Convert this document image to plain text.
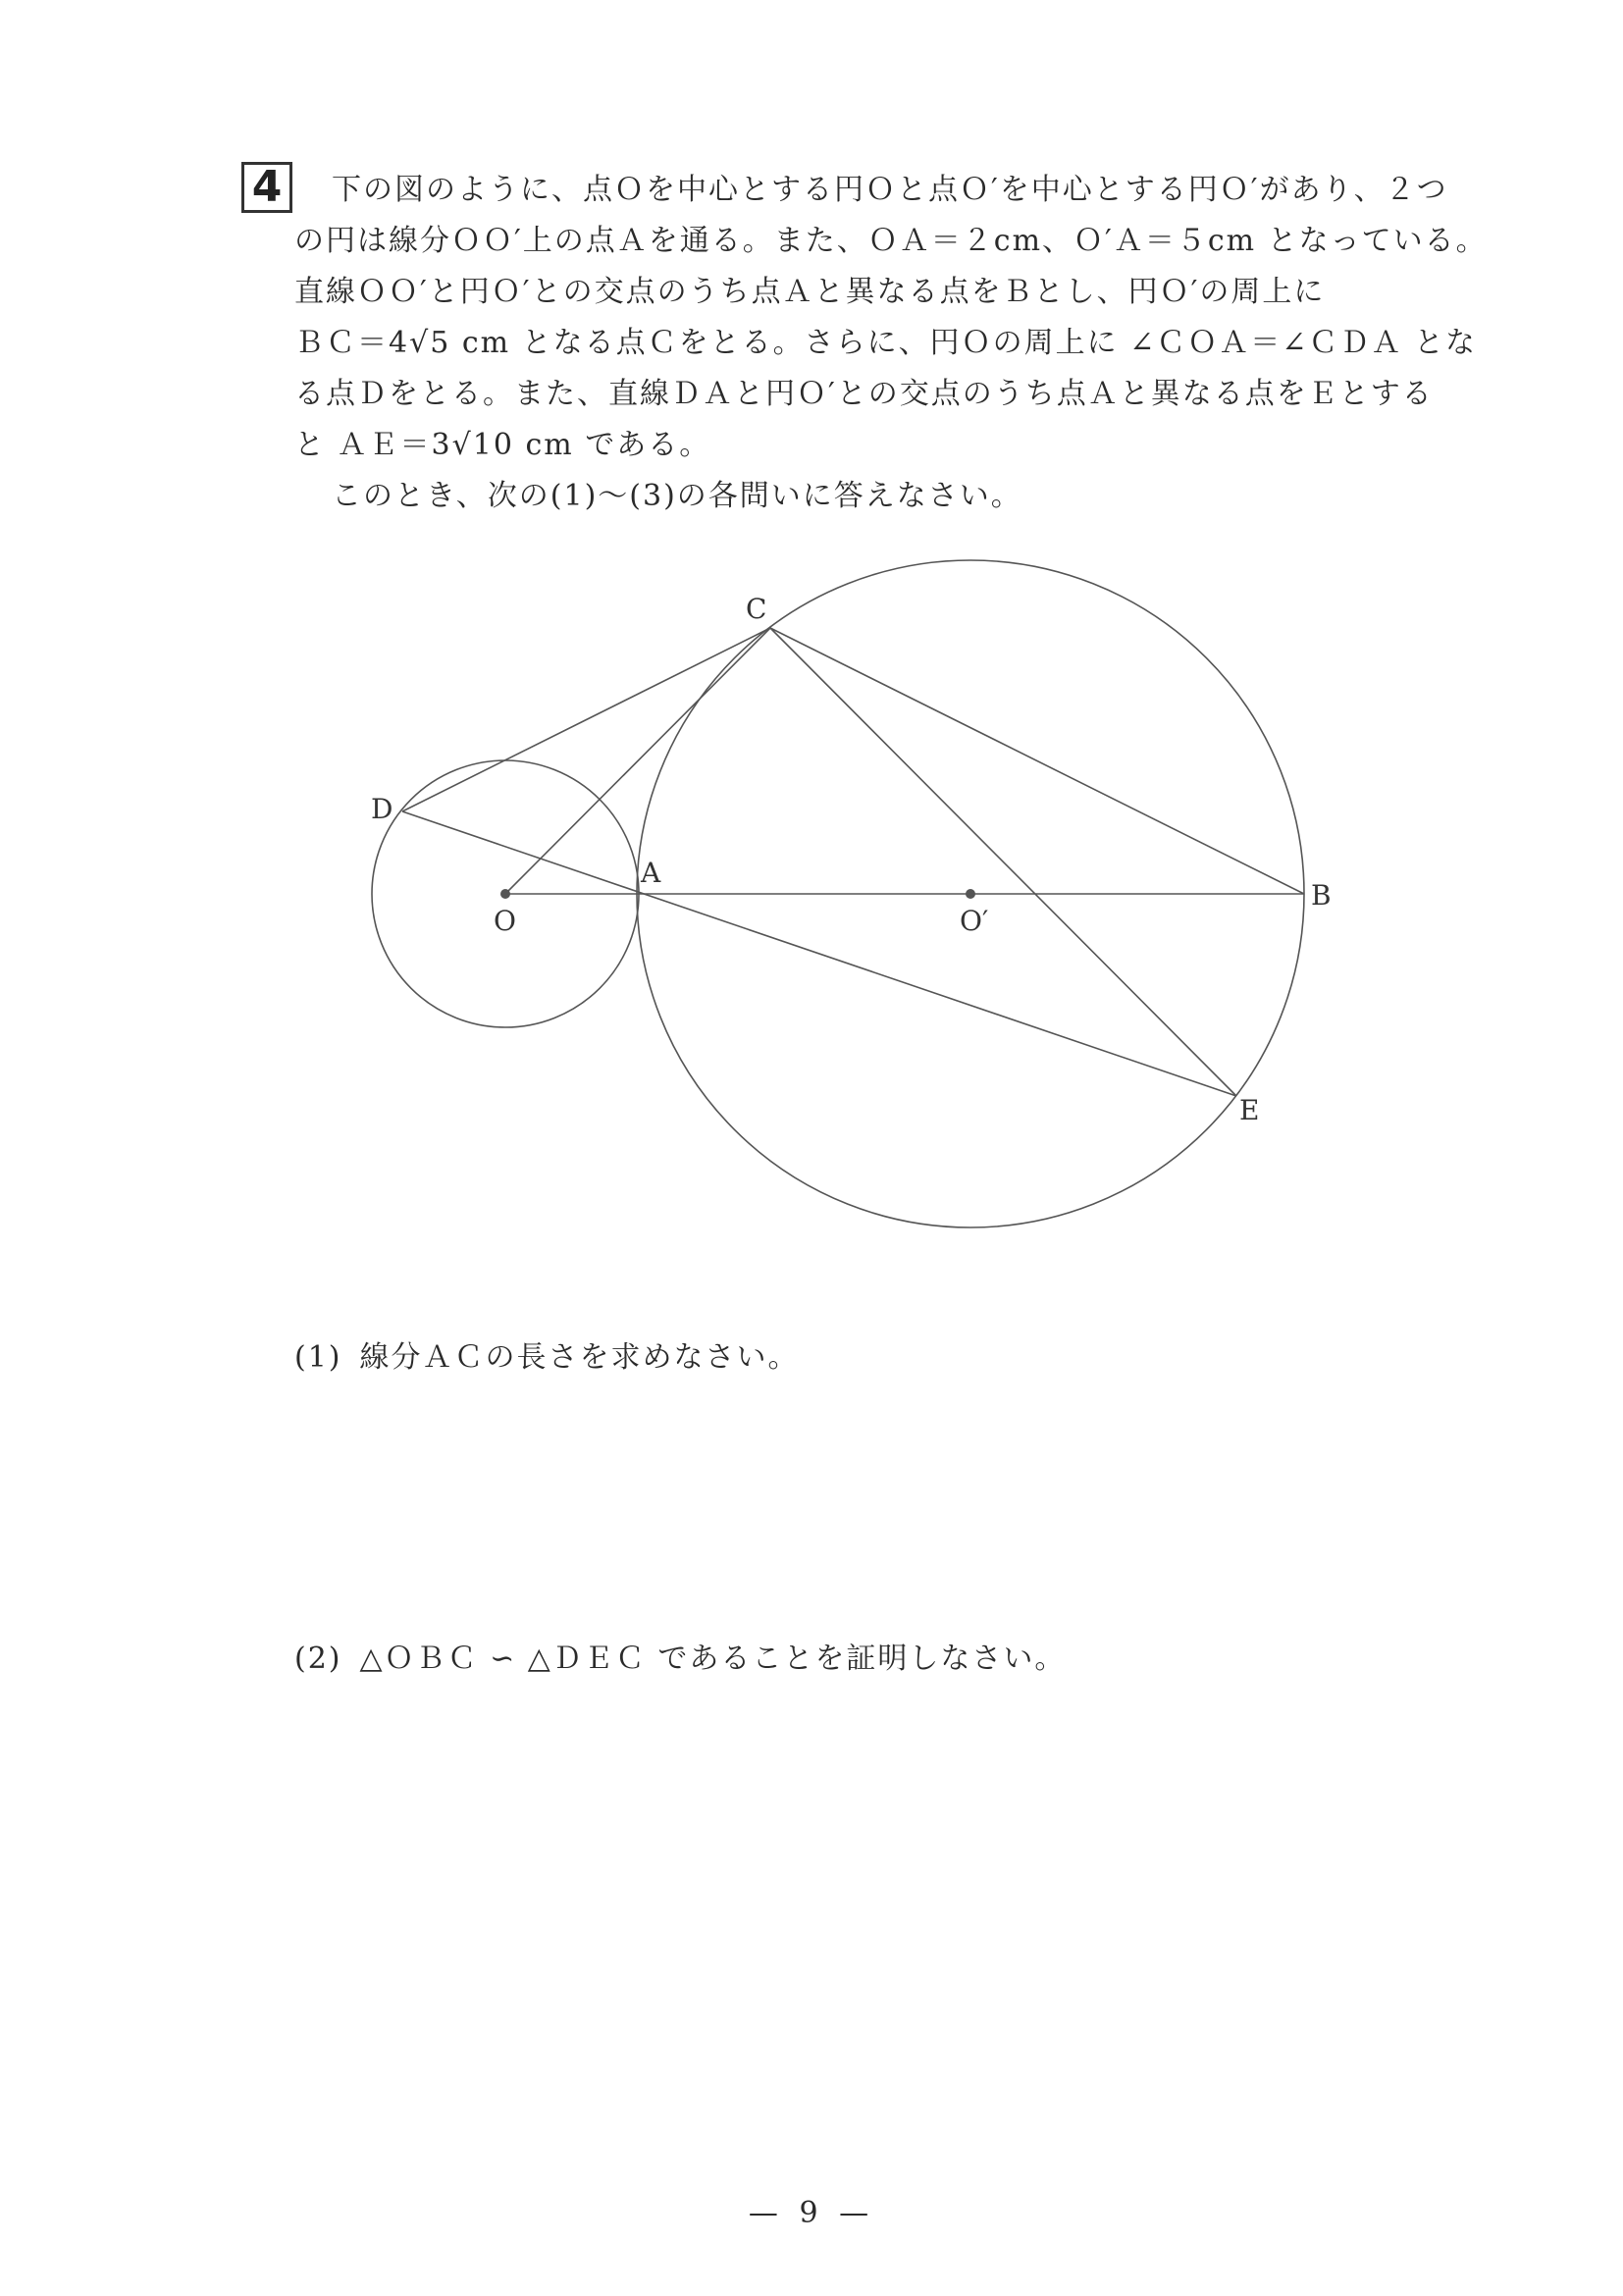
4	下の図のように、点Ｏを中心とする円Ｏと点Ｏ′を中心とする円Ｏ′があり、２つ
の円は線分ＯＯ′上の点Ａを通る。また、ＯＡ＝２cm、Ｏ′Ａ＝５cm となっている。
直線ＯＯ′と円Ｏ′との交点のうち点Ａと異なる点をＢとし、円Ｏ′の周上に
ＢＣ＝4√5 cm となる点Ｃをとる。さらに、円Ｏの周上に ∠ＣＯＡ＝∠ＣＤＡ とな
る点Ｄをとる。また、直線ＤＡと円Ｏ′との交点のうち点Ａと異なる点をＥとする
と ＡＥ＝3√10 cm である。
このとき、次の(1)〜(3)の各問いに答えなさい。
C
D
A
O	O′
B
E
(1) 線分ＡＣの長さを求めなさい。
(2) △ＯＢＣ ∽ △ＤＥＣ であることを証明しなさい。
— 9 —
